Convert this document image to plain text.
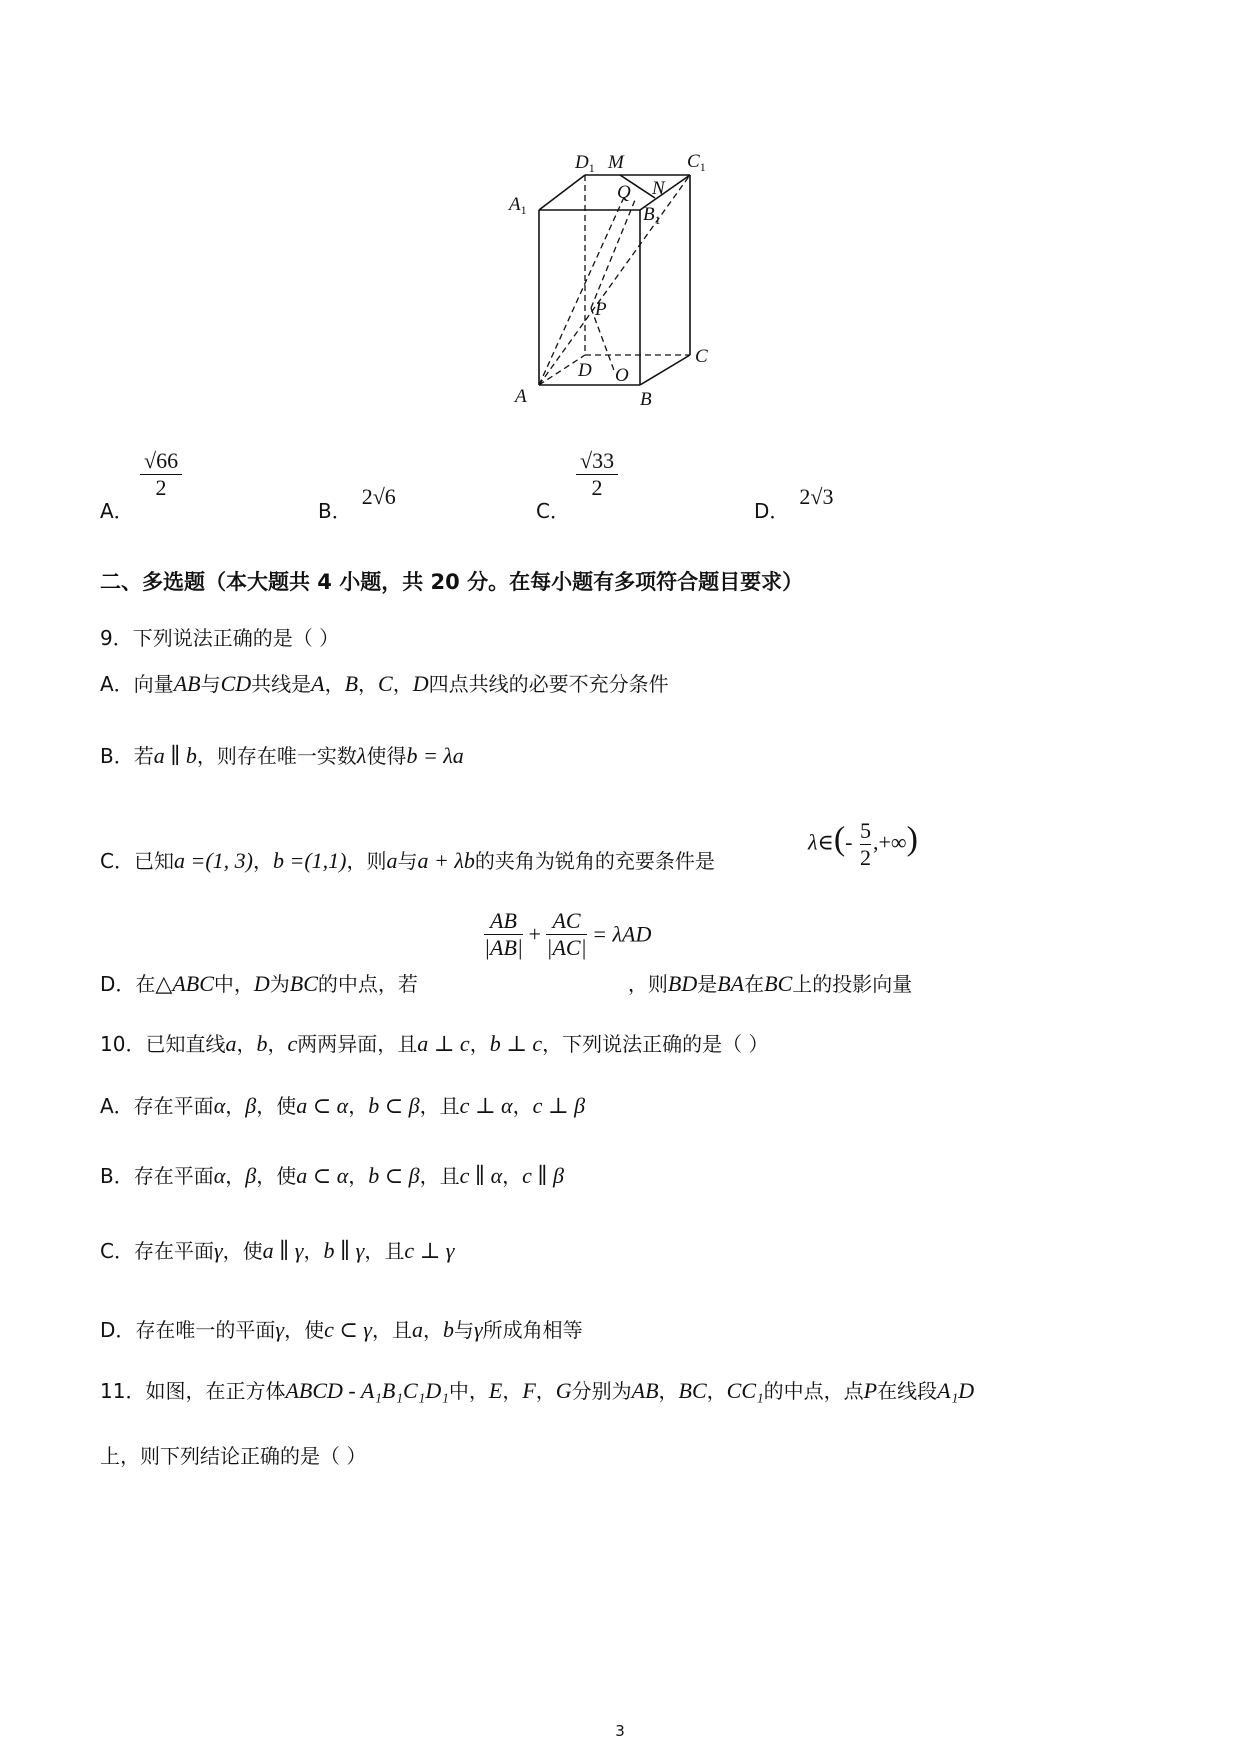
$D_1$ M	$C_1$
$A_1$
N
Q
$B_1$
P
D O
C
A	B
A．
√66
2
B．2√6
C．
√33
2
D．2√3
二、多选题（本大题共 4 小题，共 20 分。在每小题有多项符合题目要求）
9．下列说法正确的是（ ）
A．向量AB与CD共线是A，B，C，D四点共线的必要不充分条件
B．若a ∥ b，则存在唯一实数λ使得b = λa
C．已知a =(1, 3)，b =(1,1)，则a与a + λb的夹角为锐角的充要条件是
λ∈(- $\frac{5}{2}$ ,+∞)
$\frac{AB}{|AB|} + \frac{AC}{|AC|} = \lambda AD$
D．在△ABC中，D为BC的中点，若	，则BD是BA在BC上的投影向量
10．已知直线a，b，c两两异面，且a ⊥ c，b ⊥ c，下列说法正确的是（ ）
A．存在平面α，β，使a ⊂ α，b ⊂ β，且c ⊥ α，c ⊥ β
B．存在平面α，β，使a ⊂ α，b ⊂ β，且c ∥ α，c ∥ β
C．存在平面γ，使a ∥ γ，b ∥ γ，且c ⊥ γ
D．存在唯一的平面γ，使c ⊂ γ，且a，b与γ所成角相等
11．如图，在正方体ABCD - A₁B₁C₁D₁中，E，F，G分别为AB，BC，CC₁的中点，点P在线段A₁D
上，则下列结论正确的是（ ）
3
